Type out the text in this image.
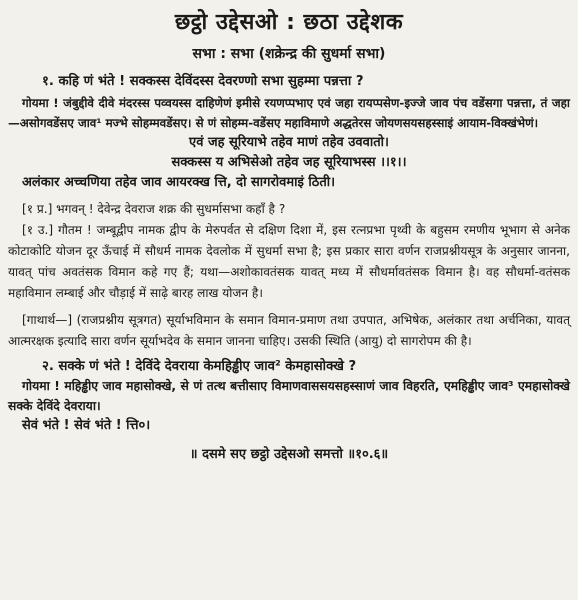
छट्ठो उद्देसओ : छठा उद्देशक
सभा : सभा (शक्रेन्द्र की सुधर्मा सभा)

१. कहि णं भंते ! सक्कस्स देविंदस्स देवरण्णो सभा सुहम्मा पन्नत्ता ?

गोयमा ! जंबुद्दीवे दीवे मंदरस्स पव्वयस्स दाहिणेणं इमीसे रयणप्पभाए एवं जहा रायप्पसेण-इज्जे जाव पंच वडेंसगा पन्नत्ता, तं जहा—असोगवडेंसए जाव¹ मज्भे सोहम्मवडेंसए। से णं सोहम्म-वडेंसए महाविमाणे अद्धतेरस जोयणसयसहस्साइं आयाम-विक्खंभेणं।

एवं जह सूरियाभे तहेव माणं तहेव उववातो।
सक्कस्स य अभिसेओ तहेव जह सूरियाभस्स ।।१।।

अलंकार अच्चणिया तहेव जाव आयरक्ख त्ति, दो सागरोवमाइं ठिती।

[१ प्र.] भगवन् ! देवेन्द्र देवराज शक्र की सुधर्मासभा कहाँ है ?

[१ उ.] गौतम ! जम्बूद्वीप नामक द्वीप के मेरुपर्वत से दक्षिण दिशा में, इस रत्नप्रभा पृथ्वी के बहुसम रमणीय भूभाग से अनेक कोटाकोटि योजन दूर ऊँचाई में सौधर्म नामक देवलोक में सुधर्मा सभा है; इस प्रकार सारा वर्णन राजप्रश्नीयसूत्र के अनुसार जानना, यावत् पांच अवतंसक विमान कहे गए हैं; यथा—अशोकावतंसक यावत् मध्य में सौधर्मावतंसक विमान है। वह सौधर्मा-वतंसक महाविमान लम्बाई और चौड़ाई में साढ़े बारह लाख योजन है।

[गाथार्थ—] (राजप्रश्नीय सूत्रगत) सूर्याभविमान के समान विमान-प्रमाण तथा उपपात, अभिषेक, अलंकार तथा अर्चनिका, यावत् आत्मरक्षक इत्यादि सारा वर्णन सूर्याभदेव के समान जानना चाहिए। उसकी स्थिति (आयु) दो सागरोपम की है।

२. सक्के णं भंते ! देविंदे देवराया केमहिड्ढीए जाव² केमहासोक्खे ?

गोयमा ! महिड्ढीए जाव महासोक्खे, से णं तत्थ बत्तीसाए विमाणवाससयसहस्साणं जाव विहरति, एमहिड्ढीए जाव³ एमहासोक्खे सक्के देविंदे देवराया।

सेवं भंते ! सेवं भंते ! त्ति०।

॥ दसमे सए छट्ठो उद्देसओ समत्तो ॥१०.६॥
